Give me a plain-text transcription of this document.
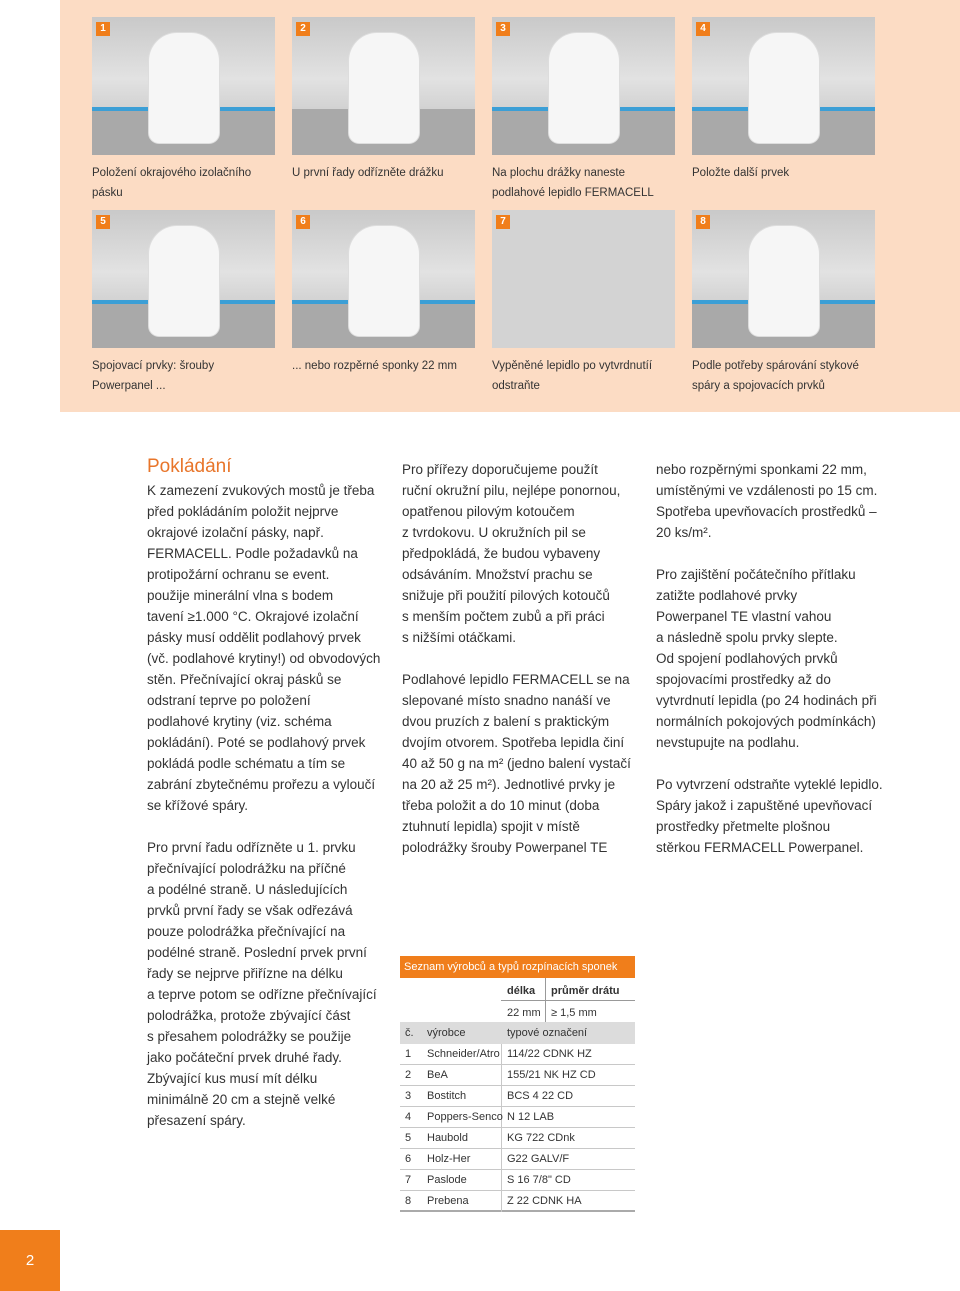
1
Položení okrajového izolačního pásku
2
U první řady odřízněte drážku
3
Na plochu drážky naneste podlahové lepidlo FERMACELL
4
Položte další prvek
5
Spojovací prvky: šrouby Powerpanel ...
6
... nebo rozpěrné sponky 22 mm
7
Vypěněné lepidlo po vytvrdnutíí odstraňte
8
Podle potřeby spárování stykové spáry a spojovacích prvků
Pokládání
K zamezení zvukových mostů je třeba
před pokládáním položit nejprve
okrajové izolační pásky, např.
FERMACELL. Podle požadavků na
protipožární ochranu se event.
použije minerální vlna s bodem
tavení ≥1.000 °C. Okrajové izolační
pásky musí oddělit podlahový prvek
(vč. podlahové krytiny!) od obvodových
stěn. Přečnívající okraj pásků se
odstraní teprve po položení
podlahové krytiny (viz. schéma
pokládání). Poté se podlahový prvek
pokládá podle schématu a tím se
zabrání zbytečnému prořezu a vyloučí
se křížové spáry.

Pro první řadu odřízněte u 1. prvku
přečnívající polodrážku na příčné
a podélné straně. U následujících
prvků první řady se však odřezává
pouze polodrážka přečnívající na
podélné straně. Poslední prvek první
řady se nejprve přiřízne na délku
a teprve potom se odřízne přečnívající
polodrážka, protože zbývající část
s přesahem polodrážky se použije
jako počáteční prvek druhé řady.
Zbývající kus musí mít délku
minimálně 20 cm a stejně velké
přesazení spáry.
Pro přířezy doporučujeme použít
ruční okružní pilu, nejlépe ponornou,
opatřenou pilovým kotoučem
z tvrdokovu. U okružních pil se
předpokládá, že budou vybaveny
odsáváním. Množství prachu se
snižuje při použití pilových kotoučů
s menším počtem zubů a při práci
s nižšími otáčkami.

Podlahové lepidlo FERMACELL se na
slepované místo snadno nanáší ve
dvou pruzích z balení s praktickým
dvojím otvorem. Spotřeba lepidla činí
40 až 50 g na m² (jedno balení vystačí
na 20 až 25 m²). Jednotlivé prvky je
třeba položit a do 10 minut (doba
ztuhnutí lepidla) spojit v místě
polodrážky šrouby Powerpanel TE
nebo rozpěrnými sponkami 22 mm,
umístěnými ve vzdálenosti po 15 cm.
Spotřeba upevňovacích prostředků –
20 ks/m².

Pro zajištění počátečního přítlaku
zatižte podlahové prvky
Powerpanel TE vlastní vahou
a následně spolu prvky slepte.
Od spojení podlahových prvků
spojovacími prostředky až do
vytvrdnutí lepidla (po 24 hodinách při
normálních pokojových podmínkách)
nevstupujte na podlahu.

Po vytvrzení odstraňte vyteklé lepidlo.
Spáry jakož i zapuštěné upevňovací
prostředky přetmelte plošnou
stěrkou FERMACELL Powerpanel.
Seznam výrobců a typů rozpínacích sponek
délka průměr drátu
22 mm ≥ 1,5 mm
č. výrobce	typové označení
1 Schneider/Atro 114/22 CDNK HZ
2 BeA	155/21 NK HZ CD
3 Bostitch	BCS 4 22 CD
4 Poppers-Senco N 12 LAB
5 Haubold	KG 722 CDnk
6 Holz-Her	G22 GALV/F
7 Paslode	S 16 7/8" CD
8 Prebena	Z 22 CDNK HA
2
